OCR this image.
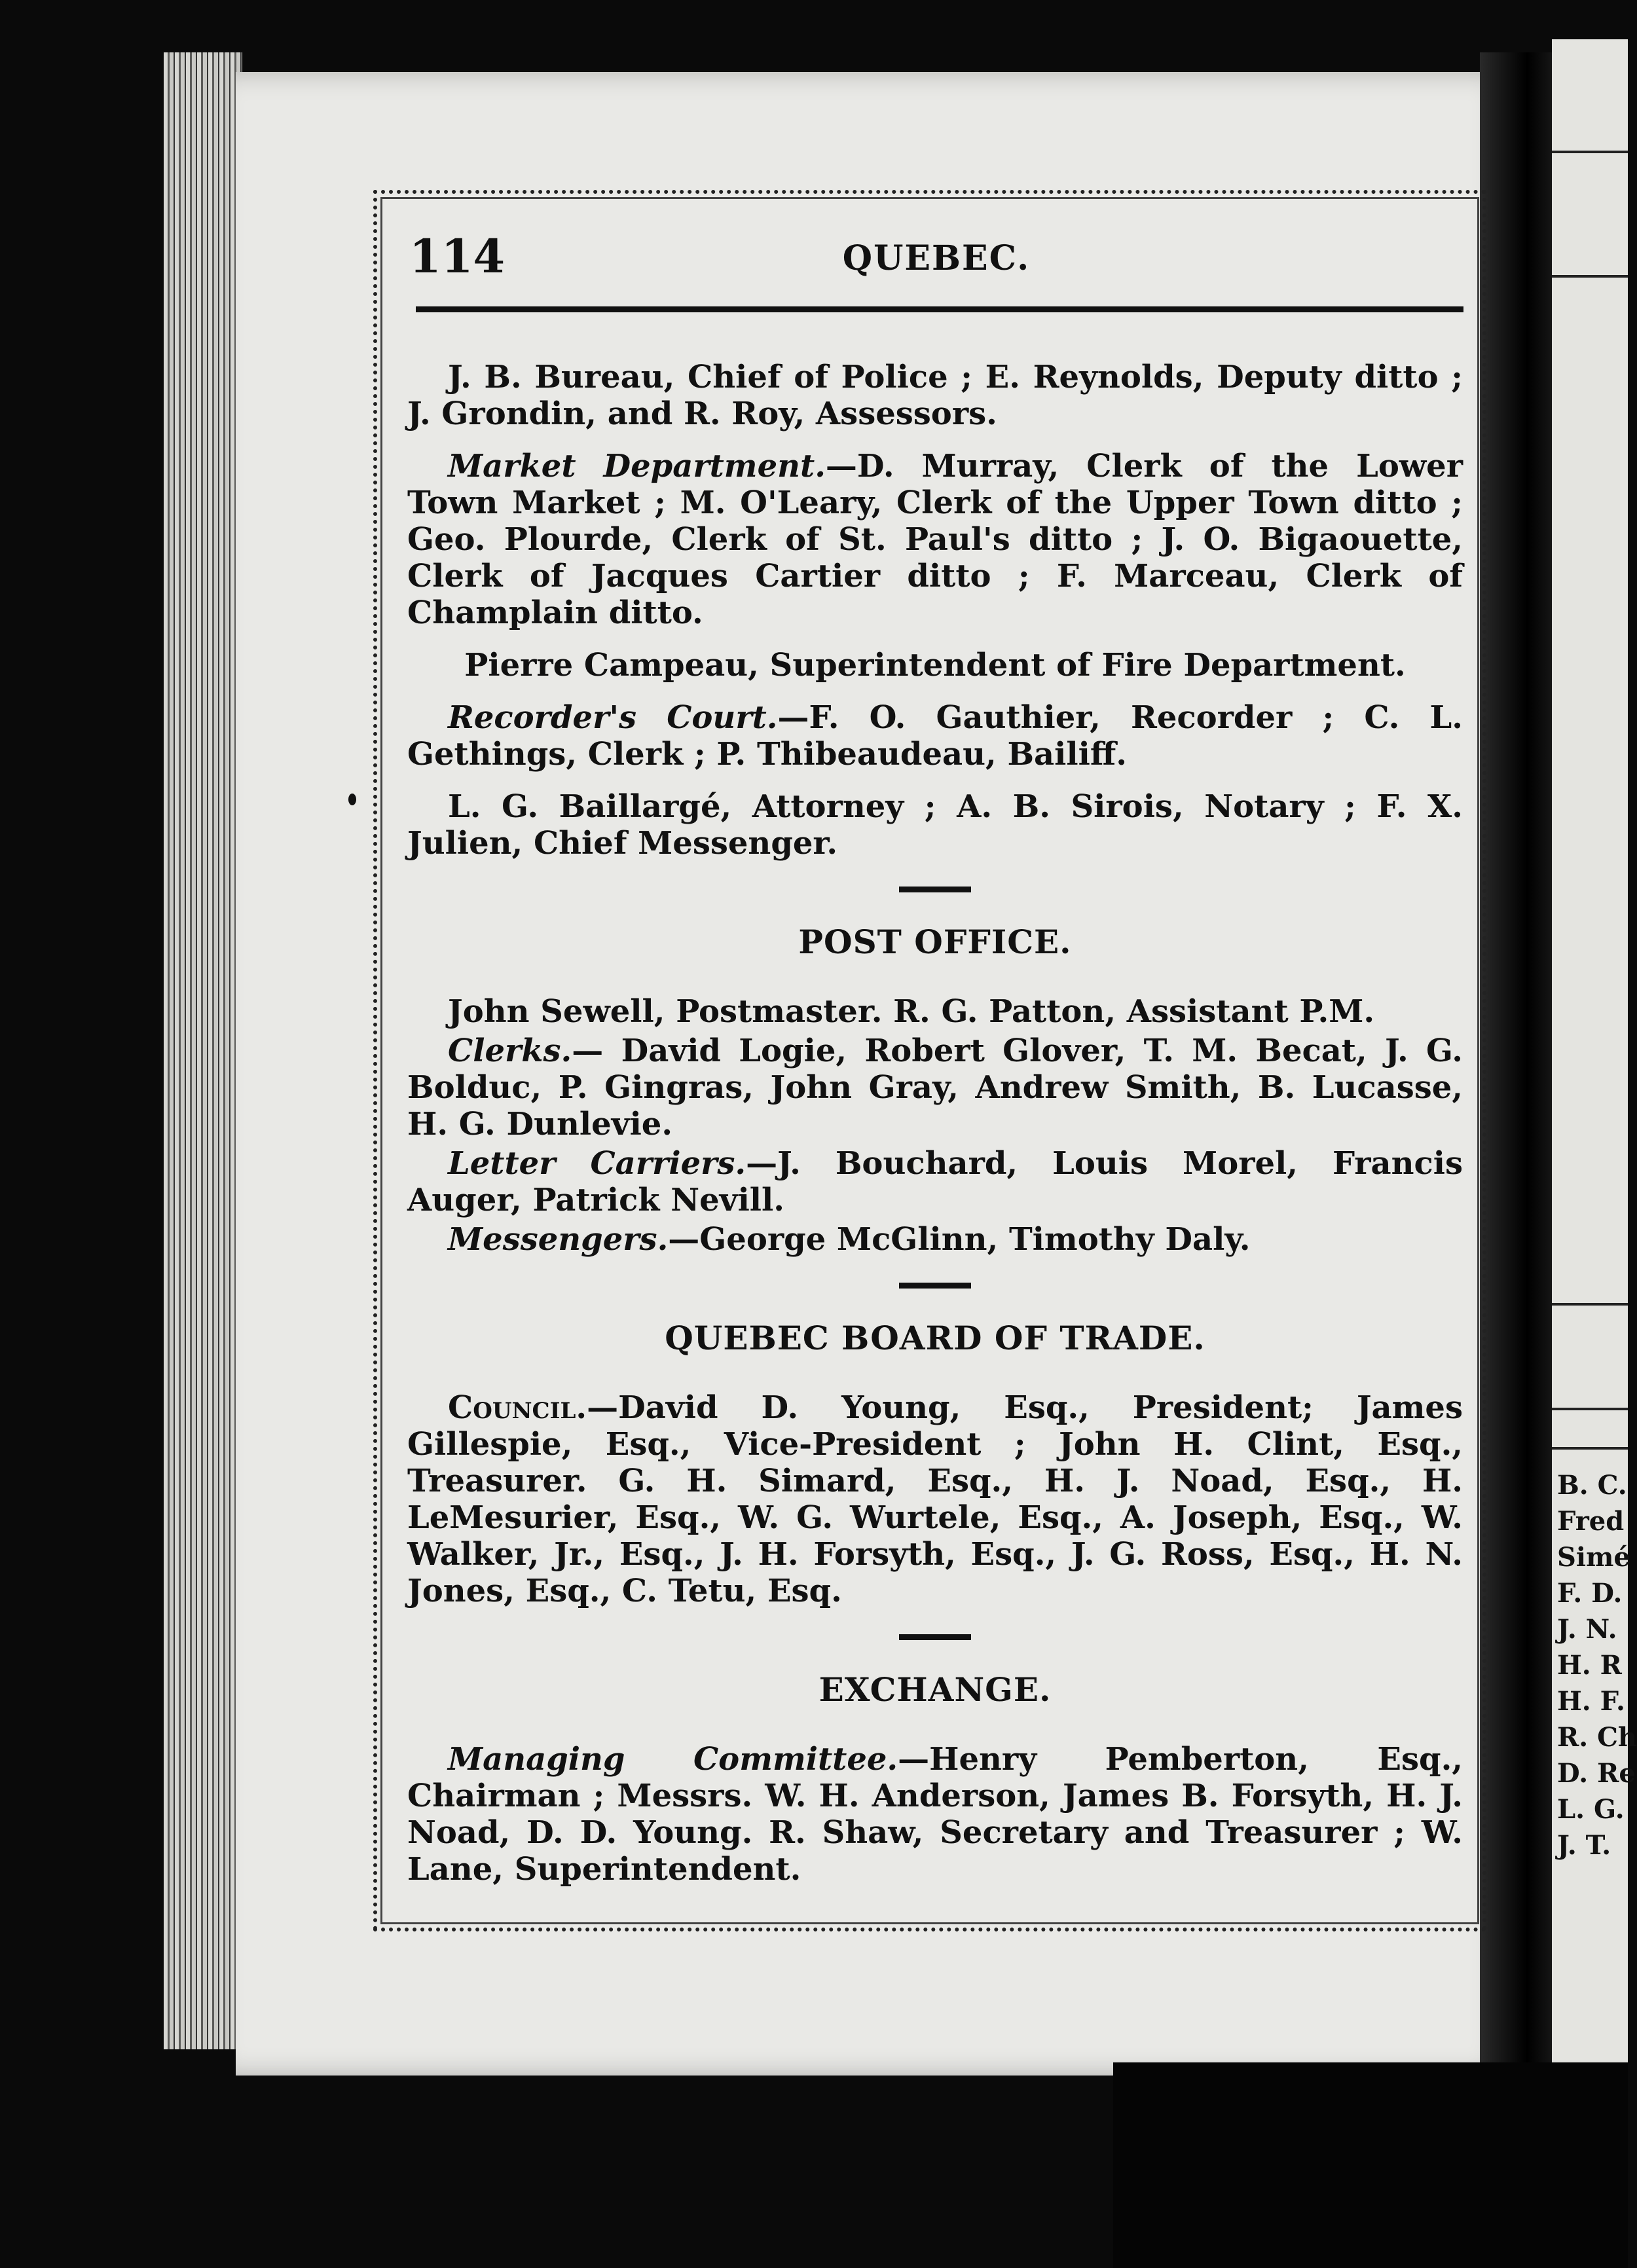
B. C.
Fred
Simé
F. D.
J. N.
H. R
H. F.
R. Ch
D. Re
L. G.
J. T.
114	QUEBEC.

J. B. Bureau, Chief of Police ; E. Reynolds, Deputy ditto ; J. Grondin, and R. Roy, Assessors.

Market Department.—D. Murray, Clerk of the Lower Town Market ; M. O'Leary, Clerk of the Upper Town ditto ; Geo. Plourde, Clerk of St. Paul's ditto ; J. O. Bigaouette, Clerk of Jacques Cartier ditto ; F. Marceau, Clerk of Champlain ditto.

Pierre Campeau, Superintendent of Fire Department.

Recorder's Court.—F. O. Gauthier, Recorder ; C. L. Gethings, Clerk ; P. Thibeaudeau, Bailiff.

L. G. Baillargé, Attorney ; A. B. Sirois, Notary ; F. X. Julien, Chief Messenger.

POST OFFICE.

John Sewell, Postmaster. R. G. Patton, Assistant P.M.

Clerks.— David Logie, Robert Glover, T. M. Becat, J. G. Bolduc, P. Gingras, John Gray, Andrew Smith, B. Lucasse, H. G. Dunlevie.

Letter Carriers.—J. Bouchard, Louis Morel, Francis Auger, Patrick Nevill.

Messengers.—George McGlinn, Timothy Daly.

QUEBEC BOARD OF TRADE.

Council.—David D. Young, Esq., President; James Gillespie, Esq., Vice-President ; John H. Clint, Esq., Treasurer. G. H. Simard, Esq., H. J. Noad, Esq., H. LeMesurier, Esq., W. G. Wurtele, Esq., A. Joseph, Esq., W. Walker, Jr., Esq., J. H. Forsyth, Esq., J. G. Ross, Esq., H. N. Jones, Esq., C. Tetu, Esq.

EXCHANGE.

Managing Committee.—Henry Pemberton, Esq., Chairman ; Messrs. W. H. Anderson, James B. Forsyth, H. J. Noad, D. D. Young. R. Shaw, Secretary and Treasurer ; W. Lane, Superintendent.
